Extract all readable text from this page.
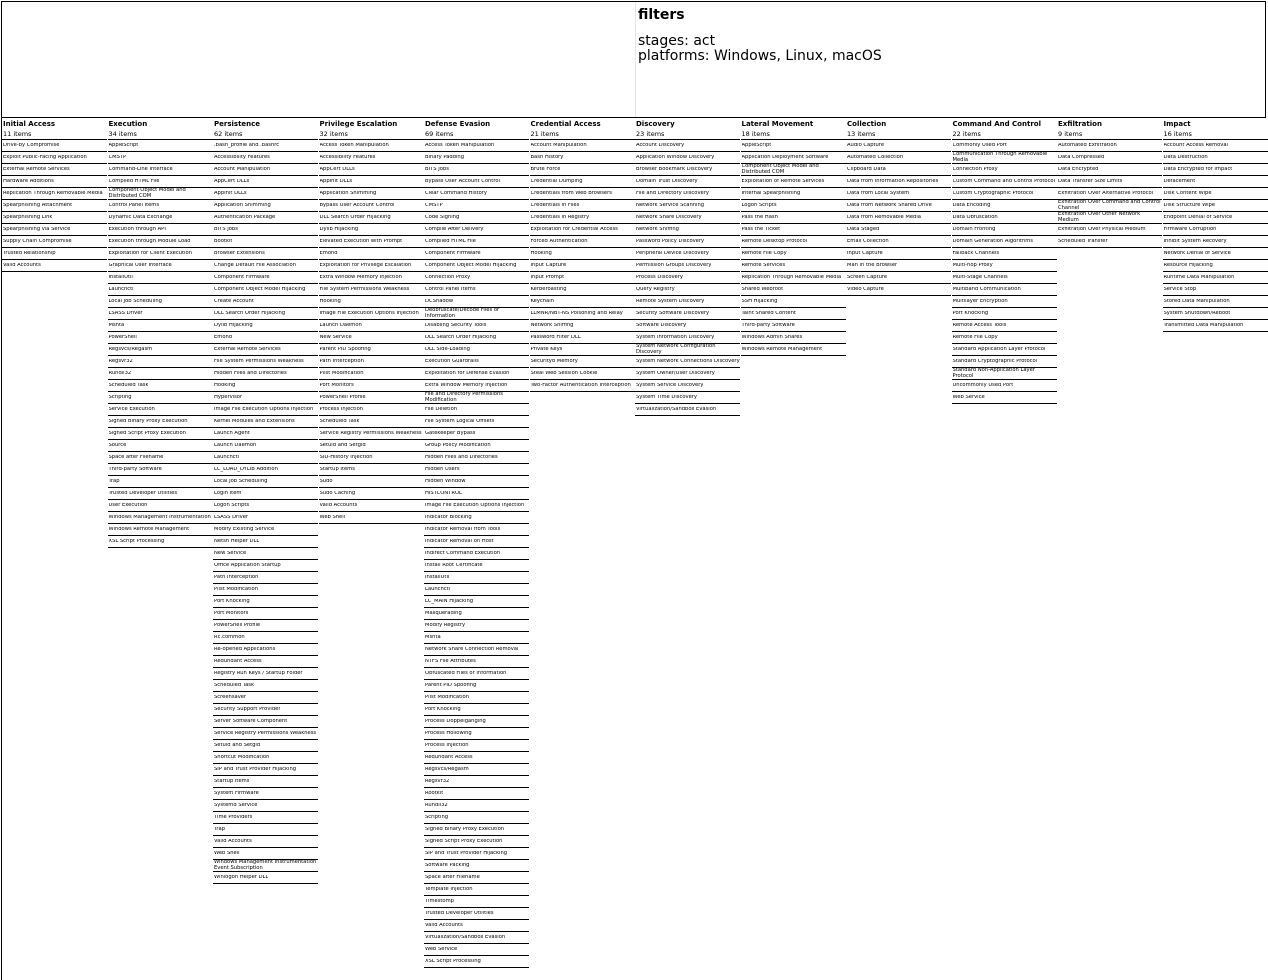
filters
stages: act
platforms: Windows, Linux, macOS
Initial Access
11 items
Drive-by Compromise
Exploit Public-Facing Application
External Remote Services
Hardware Additions
Replication Through Removable Media
Spearphishing Attachment
Spearphishing Link
Spearphishing via Service
Supply Chain Compromise
Trusted Relationship
Valid Accounts
Execution
34 items
AppleScript
CMSTP
Command-Line Interface
Compiled HTML File
Component Object Model and Distributed COM
Control Panel Items
Dynamic Data Exchange
Execution through API
Execution through Module Load
Exploitation for Client Execution
Graphical User Interface
InstallUtil
Launchctl
Local Job Scheduling
LSASS Driver
Mshta
PowerShell
Regsvcs/Regasm
Regsvr32
Rundll32
Scheduled Task
Scripting
Service Execution
Signed Binary Proxy Execution
Signed Script Proxy Execution
Source
Space after Filename
Third-party Software
Trap
Trusted Developer Utilities
User Execution
Windows Management Instrumentation
Windows Remote Management
XSL Script Processing
Persistence
62 items
.bash_profile and .bashrc
Accessibility Features
Account Manipulation
AppCert DLLs
AppInit DLLs
Application Shimming
Authentication Package
BITS Jobs
Bootkit
Browser Extensions
Change Default File Association
Component Firmware
Component Object Model Hijacking
Create Account
DLL Search Order Hijacking
Dylib Hijacking
Emond
External Remote Services
File System Permissions Weakness
Hidden Files and Directories
Hooking
Hypervisor
Image File Execution Options Injection
Kernel Modules and Extensions
Launch Agent
Launch Daemon
Launchctl
LC_LOAD_DYLIB Addition
Local Job Scheduling
Login Item
Logon Scripts
LSASS Driver
Modify Existing Service
Netsh Helper DLL
New Service
Office Application Startup
Path Interception
Plist Modification
Port Knocking
Port Monitors
PowerShell Profile
Rc.common
Re-opened Applications
Redundant Access
Registry Run Keys / Startup Folder
Scheduled Task
Screensaver
Security Support Provider
Server Software Component
Service Registry Permissions Weakness
Setuid and Setgid
Shortcut Modification
SIP and Trust Provider Hijacking
Startup Items
System Firmware
Systemd Service
Time Providers
Trap
Valid Accounts
Web Shell
Windows Management Instrumentation Event Subscription
Winlogon Helper DLL
Privilege Escalation
32 items
Access Token Manipulation
Accessibility Features
AppCert DLLs
AppInit DLLs
Application Shimming
Bypass User Account Control
DLL Search Order Hijacking
Dylib Hijacking
Elevated Execution with Prompt
Emond
Exploitation for Privilege Escalation
Extra Window Memory Injection
File System Permissions Weakness
Hooking
Image File Execution Options Injection
Launch Daemon
New Service
Parent PID Spoofing
Path Interception
Plist Modification
Port Monitors
PowerShell Profile
Process Injection
Scheduled Task
Service Registry Permissions Weakness
Setuid and Setgid
SID-History Injection
Startup Items
Sudo
Sudo Caching
Valid Accounts
Web Shell
Defense Evasion
69 items
Access Token Manipulation
Binary Padding
BITS Jobs
Bypass User Account Control
Clear Command History
CMSTP
Code Signing
Compile After Delivery
Compiled HTML File
Component Firmware
Component Object Model Hijacking
Connection Proxy
Control Panel Items
DCShadow
Deobfuscate/Decode Files or Information
Disabling Security Tools
DLL Search Order Hijacking
DLL Side-Loading
Execution Guardrails
Exploitation for Defense Evasion
Extra Window Memory Injection
File and Directory Permissions Modification
File Deletion
File System Logical Offsets
Gatekeeper Bypass
Group Policy Modification
Hidden Files and Directories
Hidden Users
Hidden Window
HISTCONTROL
Image File Execution Options Injection
Indicator Blocking
Indicator Removal from Tools
Indicator Removal on Host
Indirect Command Execution
Install Root Certificate
InstallUtil
Launchctl
LC_MAIN Hijacking
Masquerading
Modify Registry
Mshta
Network Share Connection Removal
NTFS File Attributes
Obfuscated Files or Information
Parent PID Spoofing
Plist Modification
Port Knocking
Process Doppelgänging
Process Hollowing
Process Injection
Redundant Access
Regsvcs/Regasm
Regsvr32
Rootkit
Rundll32
Scripting
Signed Binary Proxy Execution
Signed Script Proxy Execution
SIP and Trust Provider Hijacking
Software Packing
Space after Filename
Template Injection
Timestomp
Trusted Developer Utilities
Valid Accounts
Virtualization/Sandbox Evasion
Web Service
XSL Script Processing
Credential Access
21 items
Account Manipulation
Bash History
Brute Force
Credential Dumping
Credentials from Web Browsers
Credentials in Files
Credentials in Registry
Exploitation for Credential Access
Forced Authentication
Hooking
Input Capture
Input Prompt
Kerberoasting
Keychain
LLMNR/NBT-NS Poisoning and Relay
Network Sniffing
Password Filter DLL
Private Keys
Securityd Memory
Steal Web Session Cookie
Two-Factor Authentication Interception
Discovery
23 items
Account Discovery
Application Window Discovery
Browser Bookmark Discovery
Domain Trust Discovery
File and Directory Discovery
Network Service Scanning
Network Share Discovery
Network Sniffing
Password Policy Discovery
Peripheral Device Discovery
Permission Groups Discovery
Process Discovery
Query Registry
Remote System Discovery
Security Software Discovery
Software Discovery
System Information Discovery
System Network Configuration Discovery
System Network Connections Discovery
System Owner/User Discovery
System Service Discovery
System Time Discovery
Virtualization/Sandbox Evasion
Lateral Movement
18 items
AppleScript
Application Deployment Software
Component Object Model and Distributed COM
Exploitation of Remote Services
Internal Spearphishing
Logon Scripts
Pass the Hash
Pass the Ticket
Remote Desktop Protocol
Remote File Copy
Remote Services
Replication Through Removable Media
Shared Webroot
SSH Hijacking
Taint Shared Content
Third-party Software
Windows Admin Shares
Windows Remote Management
Collection
13 items
Audio Capture
Automated Collection
Clipboard Data
Data from Information Repositories
Data from Local System
Data from Network Shared Drive
Data from Removable Media
Data Staged
Email Collection
Input Capture
Man in the Browser
Screen Capture
Video Capture
Command And Control
22 items
Commonly Used Port
Communication Through Removable Media
Connection Proxy
Custom Command and Control Protocol
Custom Cryptographic Protocol
Data Encoding
Data Obfuscation
Domain Fronting
Domain Generation Algorithms
Fallback Channels
Multi-hop Proxy
Multi-Stage Channels
Multiband Communication
Multilayer Encryption
Port Knocking
Remote Access Tools
Remote File Copy
Standard Application Layer Protocol
Standard Cryptographic Protocol
Standard Non-Application Layer Protocol
Uncommonly Used Port
Web Service
Exfiltration
9 items
Automated Exfiltration
Data Compressed
Data Encrypted
Data Transfer Size Limits
Exfiltration Over Alternative Protocol
Exfiltration Over Command and Control Channel
Exfiltration Over Other Network Medium
Exfiltration Over Physical Medium
Scheduled Transfer
Impact
16 items
Account Access Removal
Data Destruction
Data Encrypted for Impact
Defacement
Disk Content Wipe
Disk Structure Wipe
Endpoint Denial of Service
Firmware Corruption
Inhibit System Recovery
Network Denial of Service
Resource Hijacking
Runtime Data Manipulation
Service Stop
Stored Data Manipulation
System Shutdown/Reboot
Transmitted Data Manipulation
